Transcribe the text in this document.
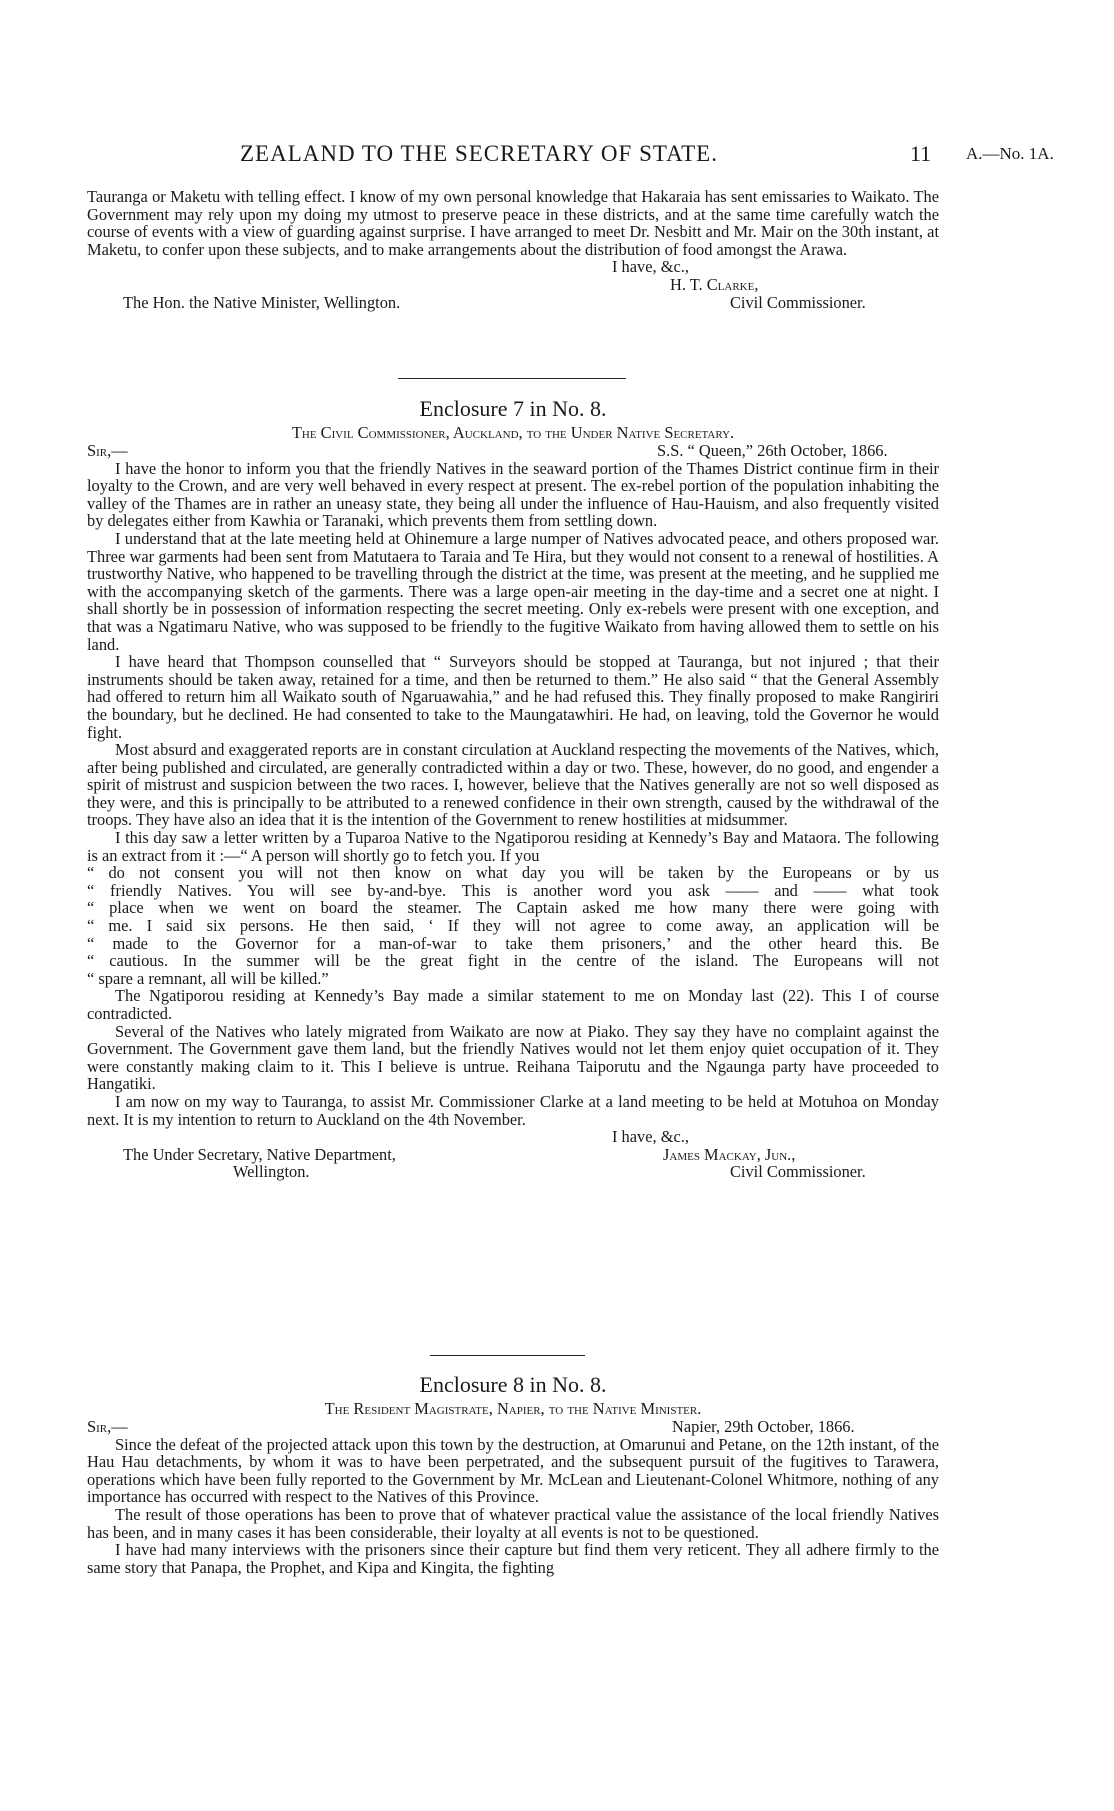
ZEALAND TO THE SECRETARY OF STATE.	11 A.—No. 1A.

Tauranga or Maketu with telling effect. I know of my own personal knowledge that Hakaraia has sent emissaries to Waikato. The Government may rely upon my doing my utmost to preserve peace in these districts, and at the same time carefully watch the course of events with a view of guarding against surprise. I have arranged to meet Dr. Nesbitt and Mr. Mair on the 30th instant, at Maketu, to confer upon these subjects, and to make arrangements about the distribution of food amongst the Arawa.

I have, &c.,
H. T. Clarke,
The Hon. the Native Minister, Wellington.	Civil Commissioner.

Enclosure 7 in No. 8.

The Civil Commissioner, Auckland, to the Under Native Secretary.

Sir,—	S.S. “ Queen,” 26th October, 1866.

I have the honor to inform you that the friendly Natives in the seaward portion of the Thames District continue firm in their loyalty to the Crown, and are very well behaved in every respect at present. The ex-rebel portion of the population inhabiting the valley of the Thames are in rather an uneasy state, they being all under the influence of Hau-Hauism, and also frequently visited by delegates either from Kawhia or Taranaki, which prevents them from settling down.

I understand that at the late meeting held at Ohinemure a large numper of Natives advocated peace, and others proposed war. Three war garments had been sent from Matutaera to Taraia and Te Hira, but they would not consent to a renewal of hostilities. A trustworthy Native, who happened to be travelling through the district at the time, was present at the meeting, and he supplied me with the accompanying sketch of the garments. There was a large open-air meeting in the day-time and a secret one at night. I shall shortly be in possession of information respecting the secret meeting. Only ex-rebels were present with one exception, and that was a Ngatimaru Native, who was supposed to be friendly to the fugitive Waikato from having allowed them to settle on his land.

I have heard that Thompson counselled that “ Surveyors should be stopped at Tauranga, but not injured ; that their instruments should be taken away, retained for a time, and then be returned to them.” He also said “ that the General Assembly had offered to return him all Waikato south of Ngaruawahia,” and he had refused this. They finally proposed to make Rangiriri the boundary, but he declined. He had consented to take to the Maungatawhiri. He had, on leaving, told the Governor he would fight.

Most absurd and exaggerated reports are in constant circulation at Auckland respecting the movements of the Natives, which, after being published and circulated, are generally contradicted within a day or two. These, however, do no good, and engender a spirit of mistrust and suspicion between the two races. I, however, believe that the Natives generally are not so well disposed as they were, and this is principally to be attributed to a renewed confidence in their own strength, caused by the withdrawal of the troops. They have also an idea that it is the intention of the Government to renew hostilities at midsummer.

I this day saw a letter written by a Tuparoa Native to the Ngatiporou residing at Kennedy’s Bay and Mataora. The following is an extract from it :—“ A person will shortly go to fetch you. If you

“ do not consent you will not then know on what day you will be taken by the Europeans or by us
“ friendly Natives. You will see by-and-bye. This is another word you ask —— and —— what took
“ place when we went on board the steamer. The Captain asked me how many there were going with
“ me. I said six persons. He then said, ‘ If they will not agree to come away, an application will be
“ made to the Governor for a man-of-war to take them prisoners,’ and the other heard this. Be
“ cautious. In the summer will be the great fight in the centre of the island. The Europeans will not
“ spare a remnant, all will be killed.”

The Ngatiporou residing at Kennedy’s Bay made a similar statement to me on Monday last (22). This I of course contradicted.

Several of the Natives who lately migrated from Waikato are now at Piako. They say they have no complaint against the Government. The Government gave them land, but the friendly Natives would not let them enjoy quiet occupation of it. They were constantly making claim to it. This I believe is untrue. Reihana Taiporutu and the Ngaunga party have proceeded to Hangatiki.

I am now on my way to Tauranga, to assist Mr. Commissioner Clarke at a land meeting to be held at Motuhoa on Monday next. It is my intention to return to Auckland on the 4th November.

I have, &c.,
The Under Secretary, Native Department,	James Mackay, Jun.,
Wellington.	Civil Commissioner.

Enclosure 8 in No. 8.

The Resident Magistrate, Napier, to the Native Minister.

Sir,—	Napier, 29th October, 1866.

Since the defeat of the projected attack upon this town by the destruction, at Omarunui and Petane, on the 12th instant, of the Hau Hau detachments, by whom it was to have been perpetrated, and the subsequent pursuit of the fugitives to Tarawera, operations which have been fully reported to the Government by Mr. McLean and Lieutenant-Colonel Whitmore, nothing of any importance has occurred with respect to the Natives of this Province.

The result of those operations has been to prove that of whatever practical value the assistance of the local friendly Natives has been, and in many cases it has been considerable, their loyalty at all events is not to be questioned.

I have had many interviews with the prisoners since their capture but find them very reticent. They all adhere firmly to the same story that Panapa, the Prophet, and Kipa and Kingita, the fighting
